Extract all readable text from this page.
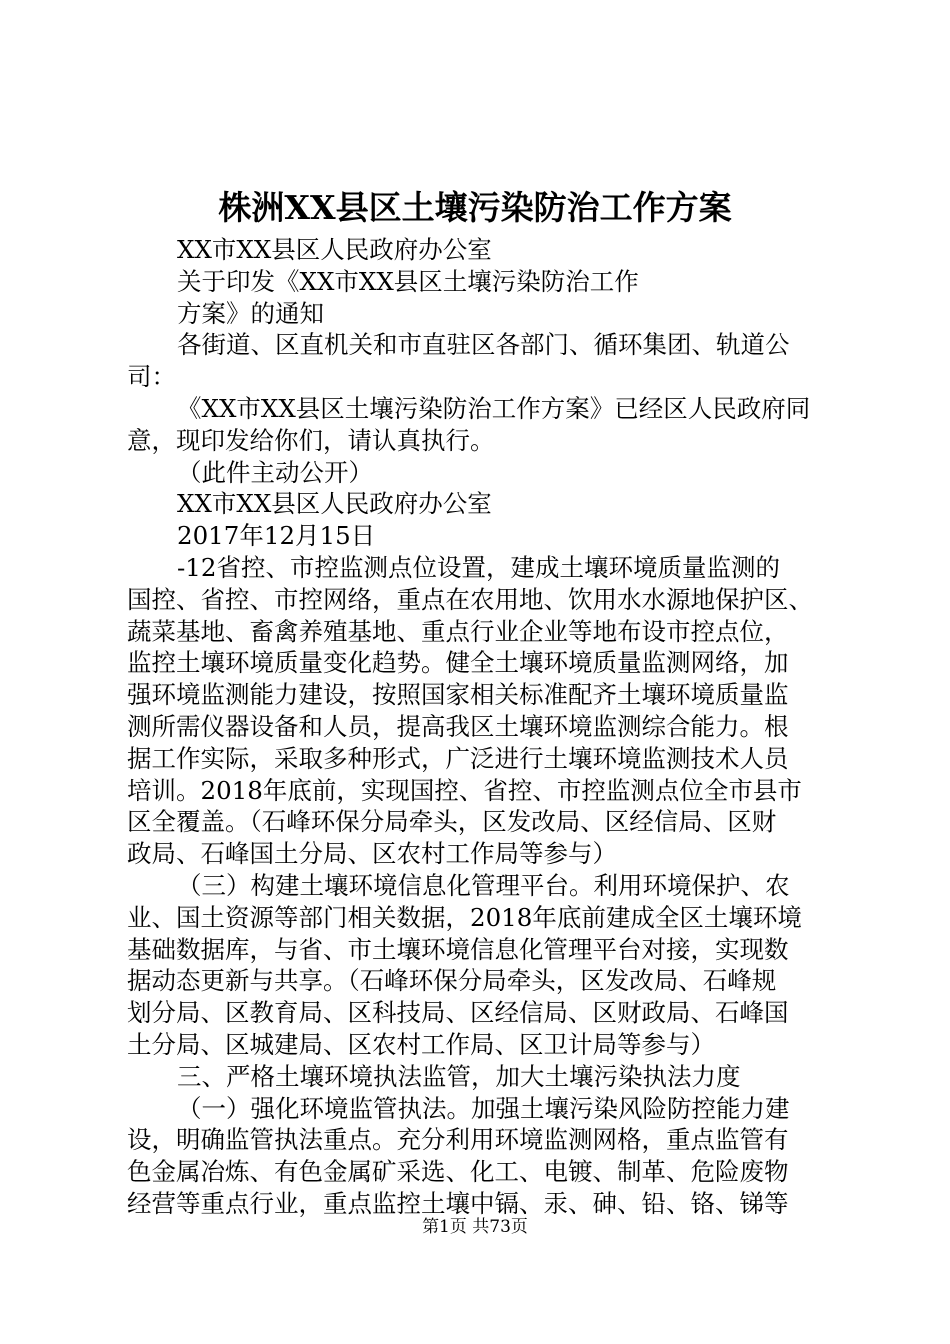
株洲XX县区土壤污染防治工作方案
XX市XX县区人民政府办公室
关于印发《XX市XX县区土壤污染防治工作
方案》的通知
各街道、区直机关和市直驻区各部门、循环集团、轨道公
司：
《XX市XX县区土壤污染防治工作方案》已经区人民政府同
意，现印发给你们，请认真执行。
（此件主动公开）
XX市XX县区人民政府办公室
2017年12月15日
-12省控、市控监测点位设置，建成土壤环境质量监测的
国控、省控、市控网络，重点在农用地、饮用水水源地保护区、
蔬菜基地、畜禽养殖基地、重点行业企业等地布设市控点位，
监控土壤环境质量变化趋势。健全土壤环境质量监测网络，加
强环境监测能力建设，按照国家相关标准配齐土壤环境质量监
测所需仪器设备和人员，提高我区土壤环境监测综合能力。根
据工作实际，采取多种形式，广泛进行土壤环境监测技术人员
培训。2018年底前，实现国控、省控、市控监测点位全市县市
区全覆盖。（石峰环保分局牵头，区发改局、区经信局、区财
政局、石峰国土分局、区农村工作局等参与）
（三）构建土壤环境信息化管理平台。利用环境保护、农
业、国土资源等部门相关数据，2018年底前建成全区土壤环境
基础数据库，与省、市土壤环境信息化管理平台对接，实现数
据动态更新与共享。（石峰环保分局牵头，区发改局、石峰规
划分局、区教育局、区科技局、区经信局、区财政局、石峰国
土分局、区城建局、区农村工作局、区卫计局等参与）
三、严格土壤环境执法监管，加大土壤污染执法力度
（一）强化环境监管执法。加强土壤污染风险防控能力建
设，明确监管执法重点。充分利用环境监测网格，重点监管有
色金属冶炼、有色金属矿采选、化工、电镀、制革、危险废物
经营等重点行业，重点监控土壤中镉、汞、砷、铅、铬、锑等
第1页 共73页
